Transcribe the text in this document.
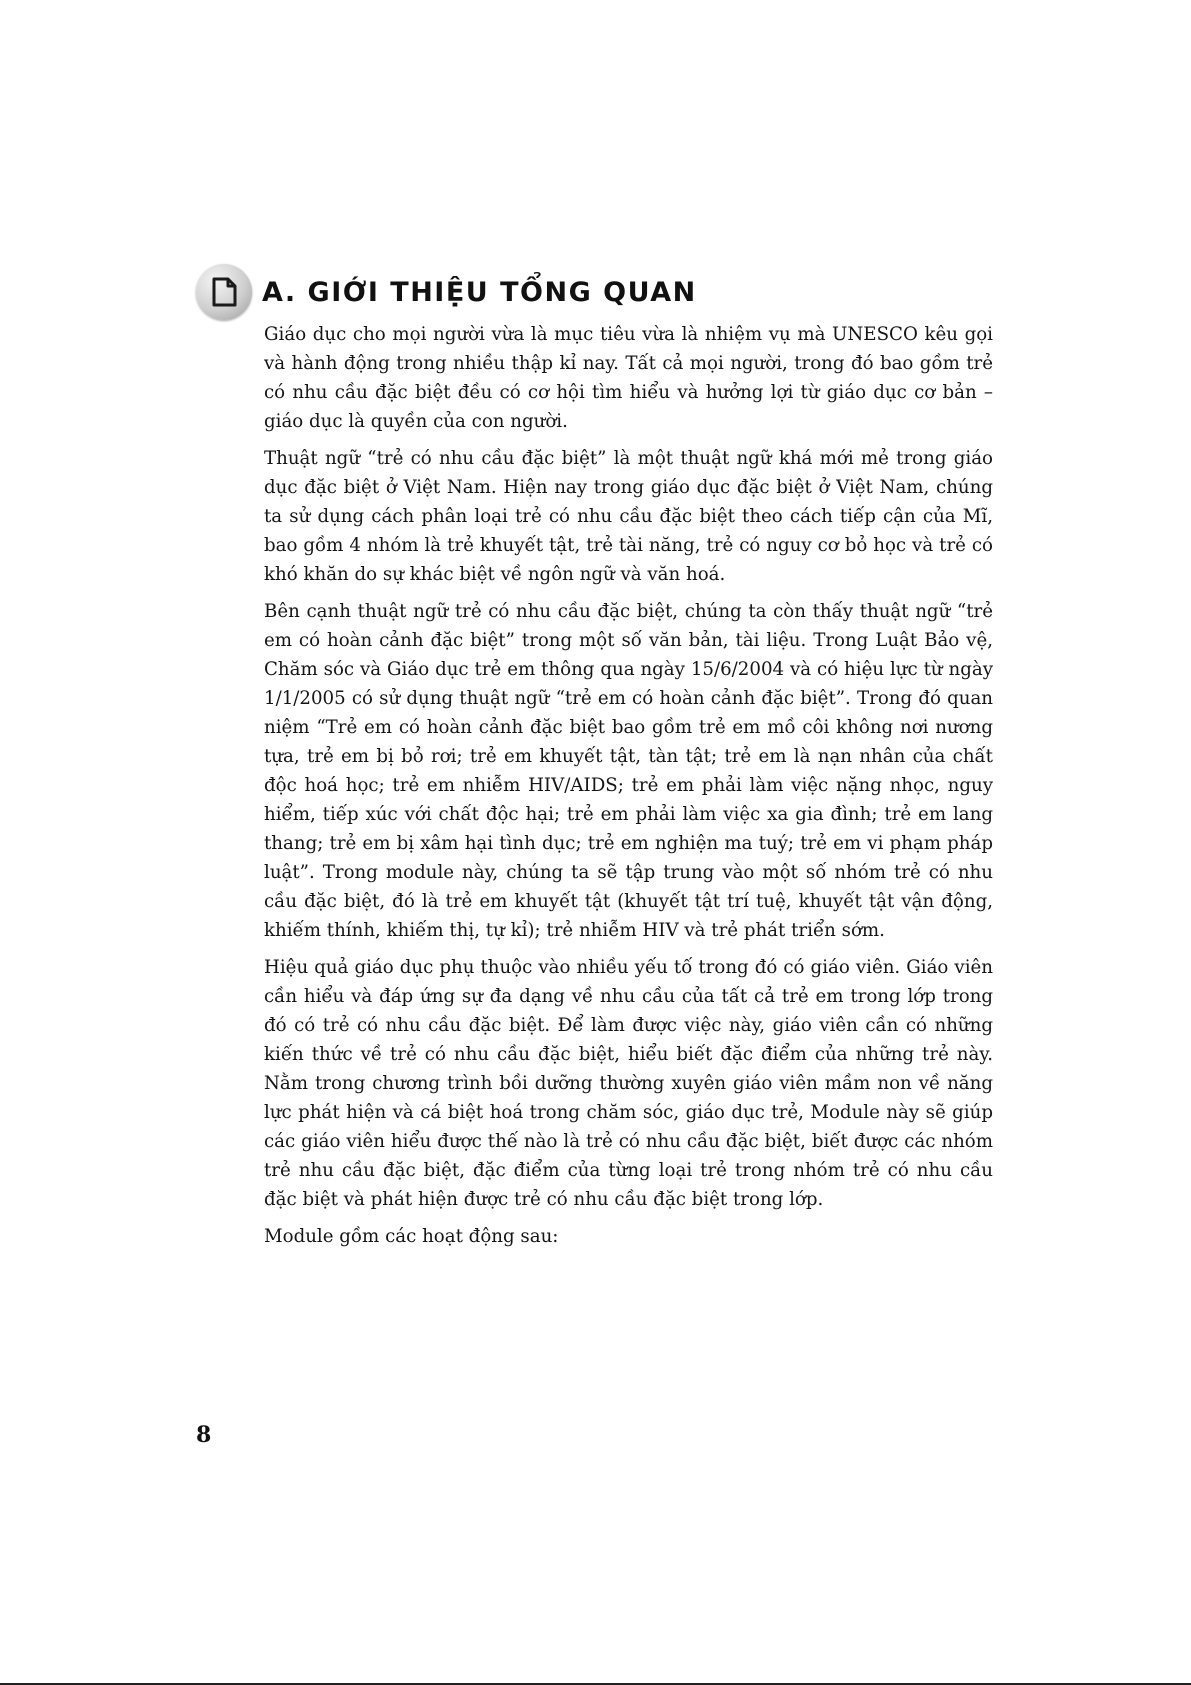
A. GIỚI THIỆU TỔNG QUAN

Giáo dục cho mọi người vừa là mục tiêu vừa là nhiệm vụ mà UNESCO kêu gọi và hành động trong nhiều thập kỉ nay. Tất cả mọi người, trong đó bao gồm trẻ có nhu cầu đặc biệt đều có cơ hội tìm hiểu và hưởng lợi từ giáo dục cơ bản – giáo dục là quyền của con người.

Thuật ngữ “trẻ có nhu cầu đặc biệt” là một thuật ngữ khá mới mẻ trong giáo dục đặc biệt ở Việt Nam. Hiện nay trong giáo dục đặc biệt ở Việt Nam, chúng ta sử dụng cách phân loại trẻ có nhu cầu đặc biệt theo cách tiếp cận của Mĩ, bao gồm 4 nhóm là trẻ khuyết tật, trẻ tài năng, trẻ có nguy cơ bỏ học và trẻ có khó khăn do sự khác biệt về ngôn ngữ và văn hoá.

Bên cạnh thuật ngữ trẻ có nhu cầu đặc biệt, chúng ta còn thấy thuật ngữ “trẻ em có hoàn cảnh đặc biệt” trong một số văn bản, tài liệu. Trong Luật Bảo vệ, Chăm sóc và Giáo dục trẻ em thông qua ngày 15/6/2004 và có hiệu lực từ ngày 1/1/2005 có sử dụng thuật ngữ “trẻ em có hoàn cảnh đặc biệt”. Trong đó quan niệm “Trẻ em có hoàn cảnh đặc biệt bao gồm trẻ em mồ côi không nơi nương tựa, trẻ em bị bỏ rơi; trẻ em khuyết tật, tàn tật; trẻ em là nạn nhân của chất độc hoá học; trẻ em nhiễm HIV/AIDS; trẻ em phải làm việc nặng nhọc, nguy hiểm, tiếp xúc với chất độc hại; trẻ em phải làm việc xa gia đình; trẻ em lang thang; trẻ em bị xâm hại tình dục; trẻ em nghiện ma tuý; trẻ em vi phạm pháp luật”. Trong module này, chúng ta sẽ tập trung vào một số nhóm trẻ có nhu cầu đặc biệt, đó là trẻ em khuyết tật (khuyết tật trí tuệ, khuyết tật vận động, khiếm thính, khiếm thị, tự kỉ); trẻ nhiễm HIV và trẻ phát triển sớm.

Hiệu quả giáo dục phụ thuộc vào nhiều yếu tố trong đó có giáo viên. Giáo viên cần hiểu và đáp ứng sự đa dạng về nhu cầu của tất cả trẻ em trong lớp trong đó có trẻ có nhu cầu đặc biệt. Để làm được việc này, giáo viên cần có những kiến thức về trẻ có nhu cầu đặc biệt, hiểu biết đặc điểm của những trẻ này. Nằm trong chương trình bồi dưỡng thường xuyên giáo viên mầm non về năng lực phát hiện và cá biệt hoá trong chăm sóc, giáo dục trẻ, Module này sẽ giúp các giáo viên hiểu được thế nào là trẻ có nhu cầu đặc biệt, biết được các nhóm trẻ nhu cầu đặc biệt, đặc điểm của từng loại trẻ trong nhóm trẻ có nhu cầu đặc biệt và phát hiện được trẻ có nhu cầu đặc biệt trong lớp.

Module gồm các hoạt động sau:

8
